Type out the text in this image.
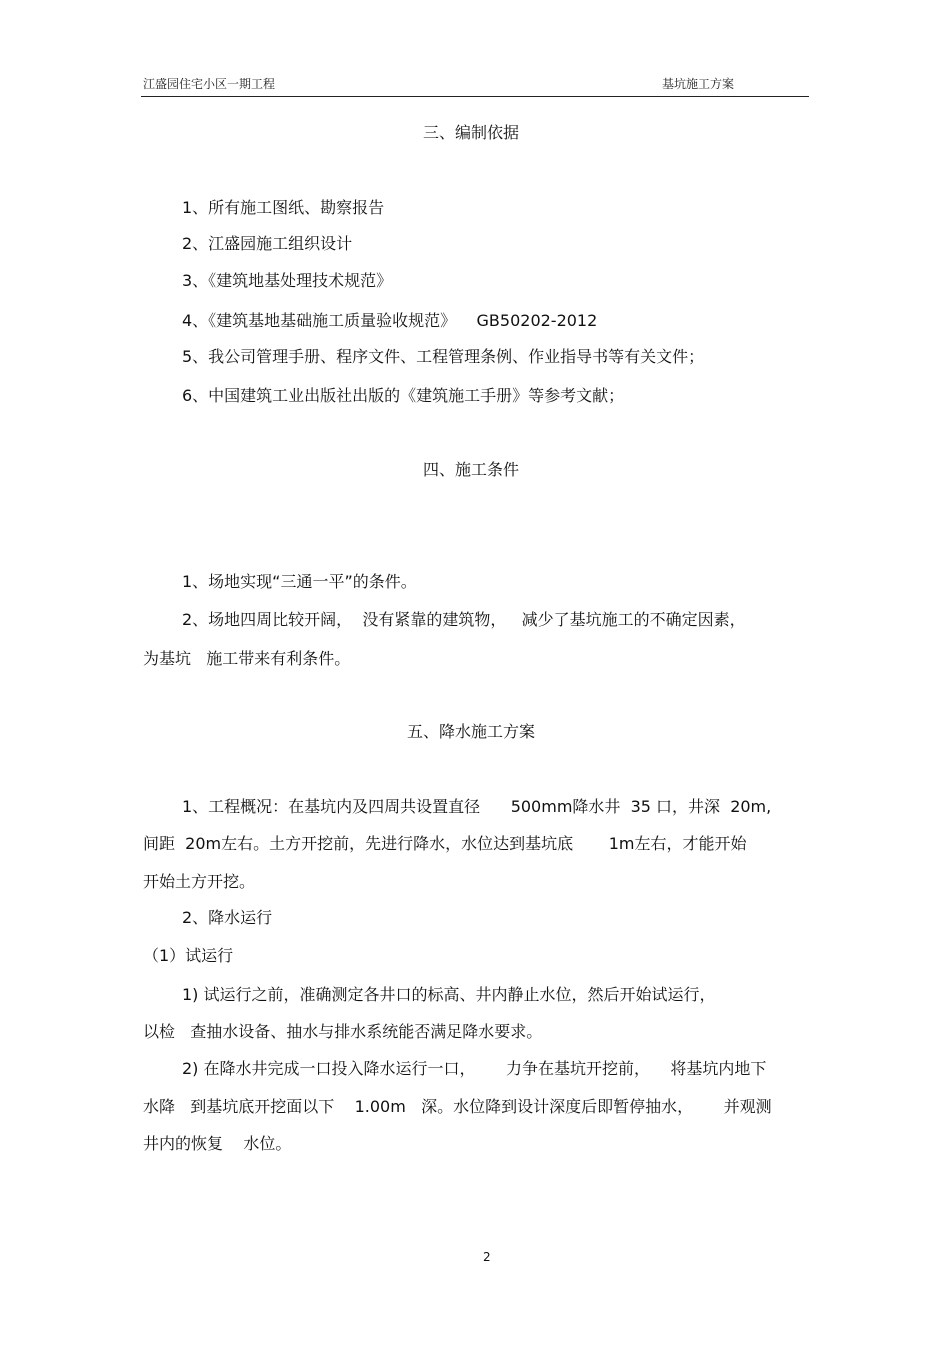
江盛园住宅小区一期工程	基坑施工方案
三、编制依据
1、所有施工图纸、勘察报告
2、江盛园施工组织设计
3、《建筑地基处理技术规范》
4、《建筑基地基础施工质量验收规范》    GB50202-2012
5、我公司管理手册、程序文件、工程管理条例、作业指导书等有关文件；
6、中国建筑工业出版社出版的《建筑施工手册》等参考文献；
四、施工条件
1、场地实现“三通一平”的条件。
2、场地四周比较开阔，  没有紧靠的建筑物，   减少了基坑施工的不确定因素，
为基坑   施工带来有利条件。
五、降水施工方案
1、工程概况：在基坑内及四周共设置直径      500mm降水井  35 口，井深  20m,
间距  20m左右。土方开挖前，先进行降水，水位达到基坑底       1m左右，才能开始
开始土方开挖。
2、降水运行
（1）试运行
1) 试运行之前，准确测定各井口的标高、井内静止水位，然后开始试运行，
以检   查抽水设备、抽水与排水系统能否满足降水要求。
2) 在降水井完成一口投入降水运行一口，      力争在基坑开挖前，    将基坑内地下
水降   到基坑底开挖面以下    1.00m   深。水位降到设计深度后即暂停抽水，      并观测
井内的恢复    水位。
2
